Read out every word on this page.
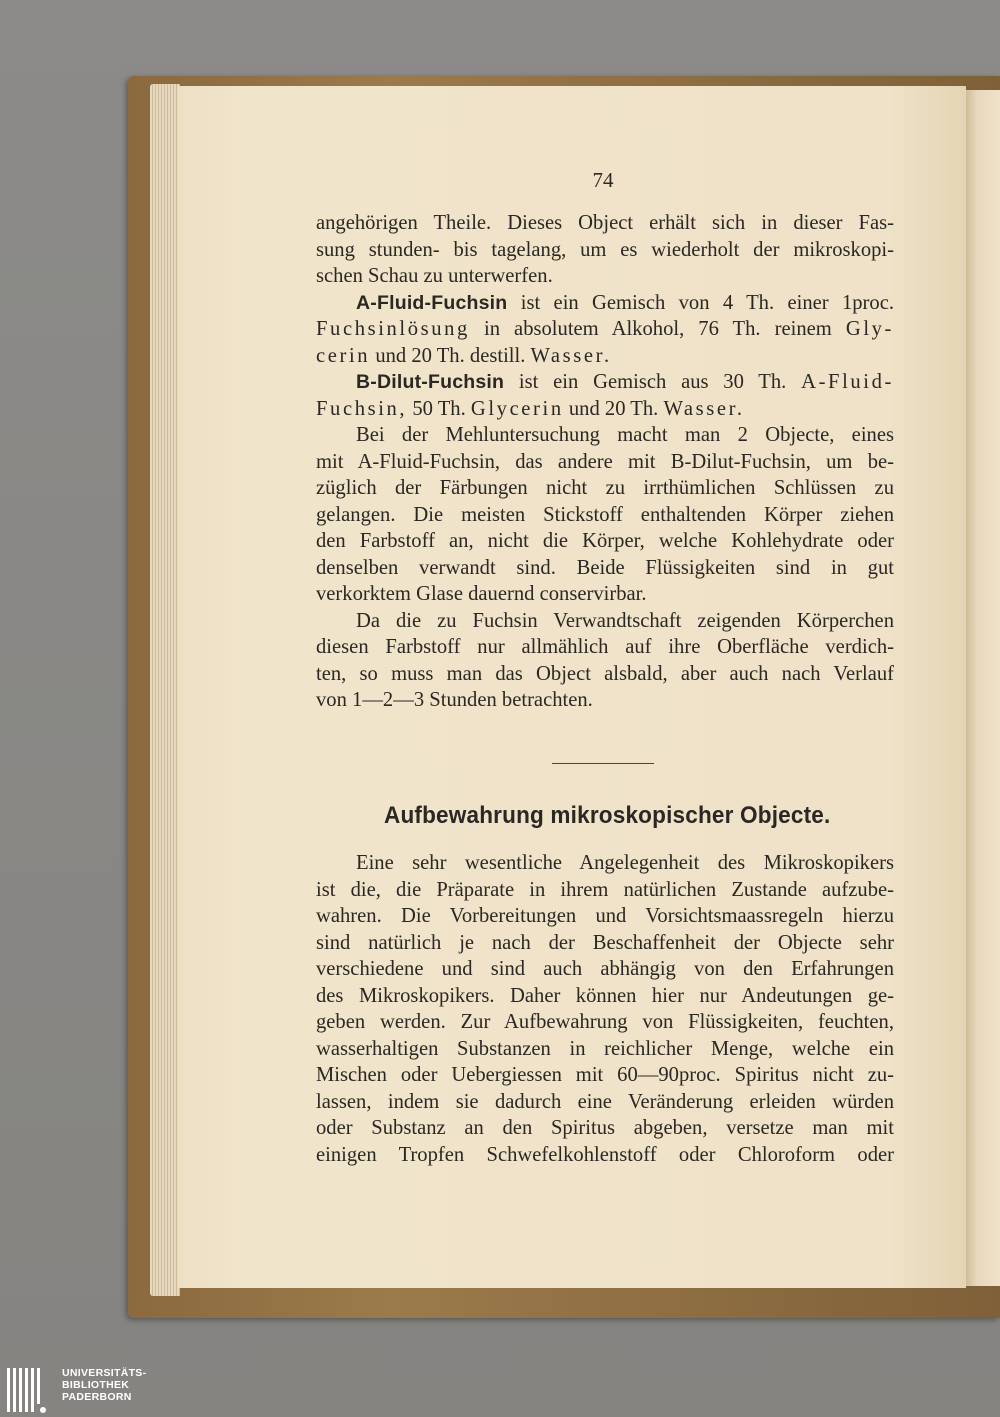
74
angehörigen Theile. Dieses Object erhält sich in dieser Fas-
sung stunden- bis tagelang, um es wiederholt der mikroskopi-
schen Schau zu unterwerfen.
A-Fluid-Fuchsin ist ein Gemisch von 4 Th. einer 1proc.
Fuchsinlösung in absolutem Alkohol, 76 Th. reinem Gly-
cerin und 20 Th. destill. Wasser.
B-Dilut-Fuchsin ist ein Gemisch aus 30 Th. A-Fluid-
Fuchsin, 50 Th. Glycerin und 20 Th. Wasser.
Bei der Mehluntersuchung macht man 2 Objecte, eines
mit A-Fluid-Fuchsin, das andere mit B-Dilut-Fuchsin, um be-
züglich der Färbungen nicht zu irrthümlichen Schlüssen zu
gelangen. Die meisten Stickstoff enthaltenden Körper ziehen
den Farbstoff an, nicht die Körper, welche Kohlehydrate oder
denselben verwandt sind. Beide Flüssigkeiten sind in gut
verkorktem Glase dauernd conservirbar.
Da die zu Fuchsin Verwandtschaft zeigenden Körperchen
diesen Farbstoff nur allmählich auf ihre Oberfläche verdich-
ten, so muss man das Object alsbald, aber auch nach Verlauf
von 1—2—3 Stunden betrachten.
Aufbewahrung mikroskopischer Objecte.
Eine sehr wesentliche Angelegenheit des Mikroskopikers
ist die, die Präparate in ihrem natürlichen Zustande aufzube-
wahren. Die Vorbereitungen und Vorsichtsmaassregeln hierzu
sind natürlich je nach der Beschaffenheit der Objecte sehr
verschiedene und sind auch abhängig von den Erfahrungen
des Mikroskopikers. Daher können hier nur Andeutungen ge-
geben werden. Zur Aufbewahrung von Flüssigkeiten, feuchten,
wasserhaltigen Substanzen in reichlicher Menge, welche ein
Mischen oder Uebergiessen mit 60—90proc. Spiritus nicht zu-
lassen, indem sie dadurch eine Veränderung erleiden würden
oder Substanz an den Spiritus abgeben, versetze man mit
einigen Tropfen Schwefelkohlenstoff oder Chloroform oder
UNIVERSITÄTS-
BIBLIOTHEK
PADERBORN
